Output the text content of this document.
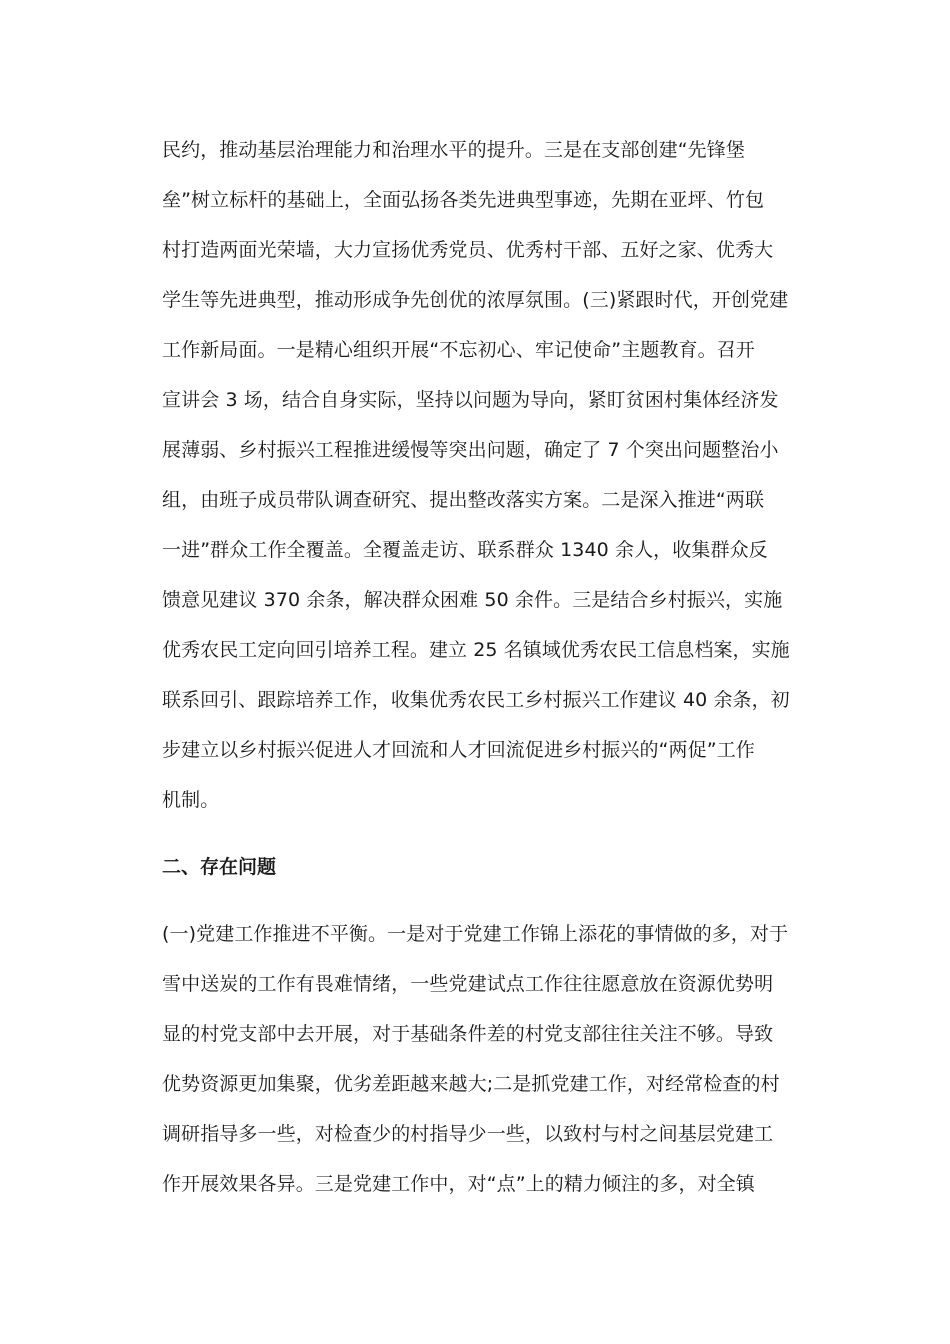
民约，推动基层治理能力和治理水平的提升。三是在支部创建“先锋堡
垒”树立标杆的基础上，全面弘扬各类先进典型事迹，先期在亚坪、竹包
村打造两面光荣墙，大力宣扬优秀党员、优秀村干部、五好之家、优秀大
学生等先进典型，推动形成争先创优的浓厚氛围。(三)紧跟时代，开创党建
工作新局面。一是精心组织开展“不忘初心、牢记使命”主题教育。召开
宣讲会 3 场，结合自身实际，坚持以问题为导向，紧盯贫困村集体经济发
展薄弱、乡村振兴工程推进缓慢等突出问题，确定了 7 个突出问题整治小
组，由班子成员带队调查研究、提出整改落实方案。二是深入推进“两联
一进”群众工作全覆盖。全覆盖走访、联系群众 1340 余人，收集群众反
馈意见建议 370 余条，解决群众困难 50 余件。三是结合乡村振兴，实施
优秀农民工定向回引培养工程。建立 25 名镇域优秀农民工信息档案，实施
联系回引、跟踪培养工作，收集优秀农民工乡村振兴工作建议 40 余条，初
步建立以乡村振兴促进人才回流和人才回流促进乡村振兴的“两促”工作
机制。
二、存在问题
(一)党建工作推进不平衡。一是对于党建工作锦上添花的事情做的多，对于
雪中送炭的工作有畏难情绪，一些党建试点工作往往愿意放在资源优势明
显的村党支部中去开展，对于基础条件差的村党支部往往关注不够。导致
优势资源更加集聚，优劣差距越来越大;二是抓党建工作，对经常检查的村
调研指导多一些，对检查少的村指导少一些，以致村与村之间基层党建工
作开展效果各异。三是党建工作中，对“点”上的精力倾注的多，对全镇
